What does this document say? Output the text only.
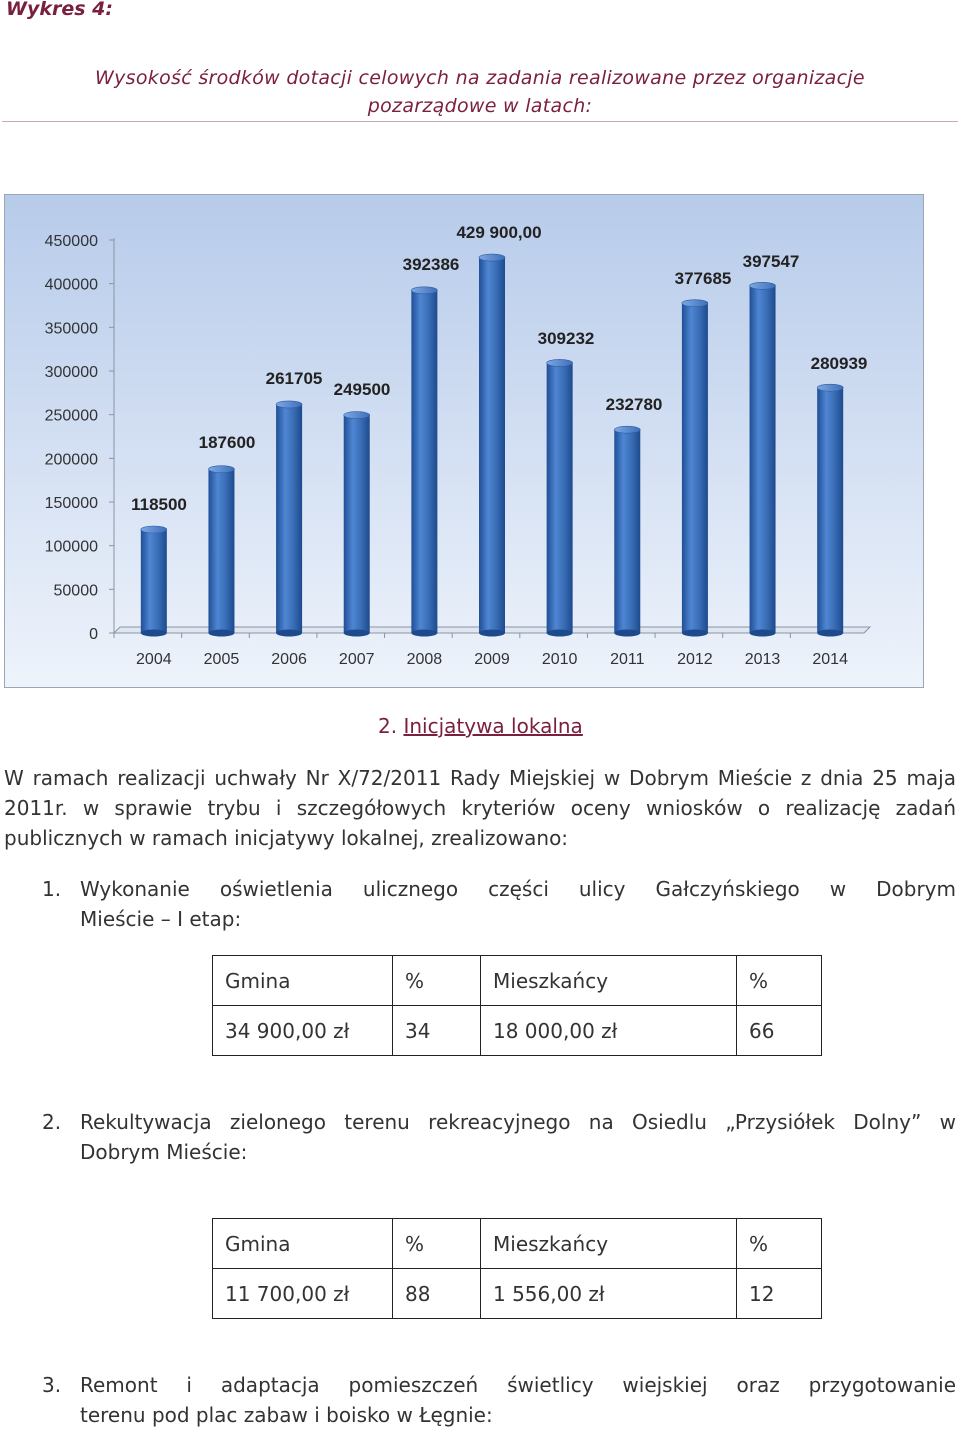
Wykres 4:
Wysokość środków dotacji celowych na zadania realizowane przez organizacje
pozarządowe w latach:
0
50000
100000
150000
200000
250000
300000
350000
400000
450000
2004 2005 2006 2007 2008 2009 2010 2011 2012 2013 2014
118500
187600
261705
249500
392386
429 900,00
309232
232780
377685
397547
280939
2. Inicjatywa lokalna
W ramach realizacji uchwały Nr X/72/2011 Rady Miejskiej w Dobrym Mieście z dnia 25 maja 2011r. w sprawie trybu i szczegółowych kryteriów oceny wniosków o realizację zadań publicznych w ramach inicjatywy lokalnej, zrealizowano:
1. Wykonanie oświetlenia ulicznego części ulicy Gałczyńskiego w Dobrym
Mieście – I etap:
Gmina	%	Mieszkańcy	%
34 900,00 zł	34	18 000,00 zł	66
2. Rekultywacja zielonego terenu rekreacyjnego na Osiedlu „Przysiółek Dolny” w
Dobrym Mieście:
Gmina	%	Mieszkańcy	%
11 700,00 zł	88	1 556,00 zł	12
3. Remont i adaptacja pomieszczeń świetlicy wiejskiej oraz przygotowanie
terenu pod plac zabaw i boisko w Łęgnie:
